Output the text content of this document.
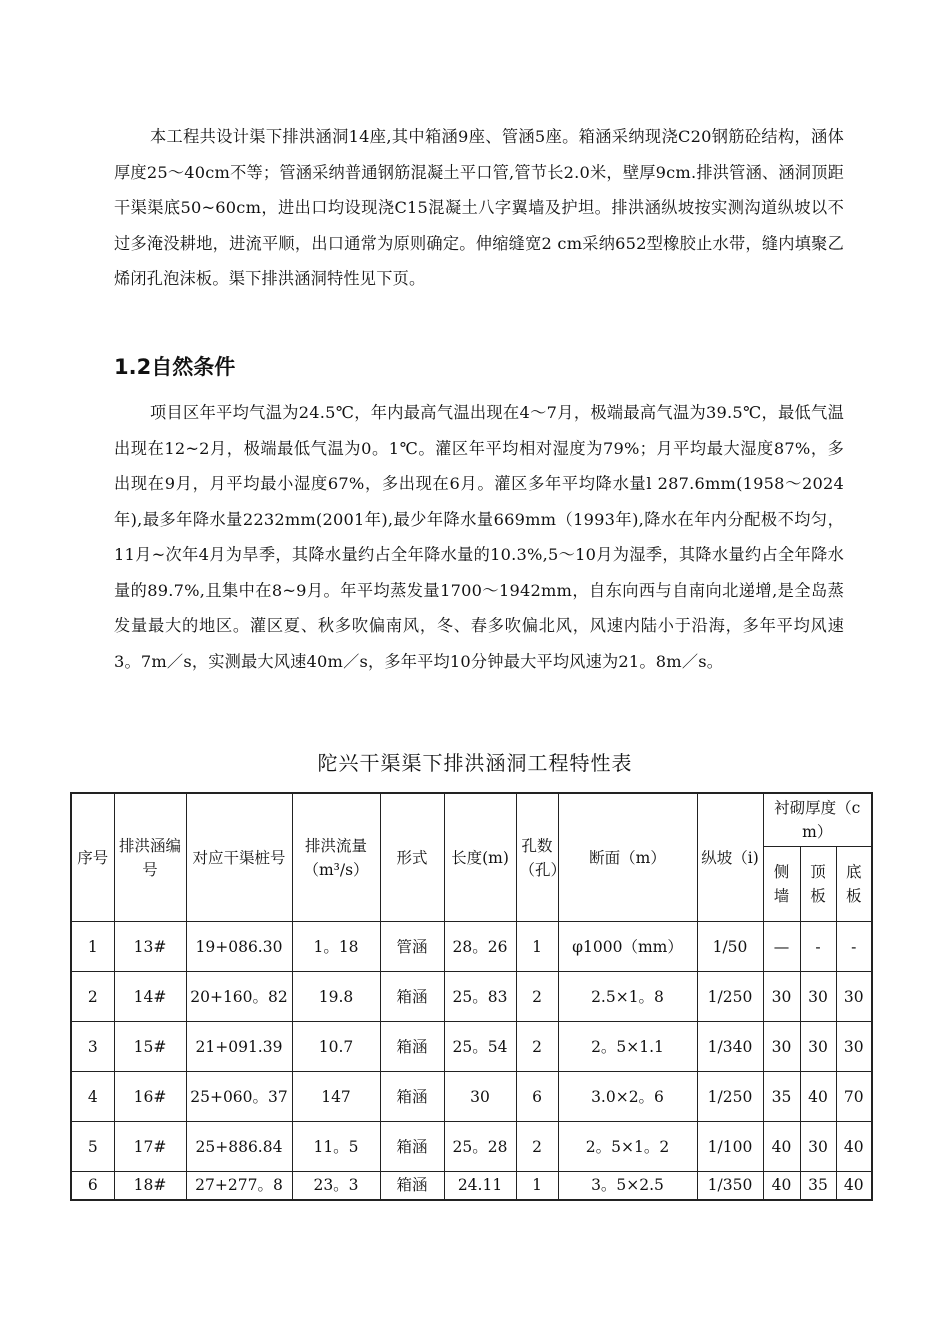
本工程共设计渠下排洪涵洞14座,其中箱涵9座、管涵5座。箱涵采纳现浇C20钢筋砼结构，涵体厚度25～40cm不等；管涵采纳普通钢筋混凝土平口管,管节长2.0米，壁厚9cm.排洪管涵、涵洞顶距干渠渠底50~60cm，进出口均设现浇C15混凝土八字翼墙及护坦。排洪涵纵坡按实测沟道纵坡以不过多淹没耕地，进流平顺，出口通常为原则确定。伸缩缝宽2 cm采纳652型橡胶止水带，缝内填聚乙烯闭孔泡沫板。渠下排洪涵洞特性见下页。

1.2自然条件

项目区年平均气温为24.5℃，年内最高气温出现在4～7月，极端最高气温为39.5℃，最低气温出现在12~2月，极端最低气温为0。1℃。灌区年平均相对湿度为79%；月平均最大湿度87%，多出现在9月，月平均最小湿度67%，多出现在6月。灌区多年平均降水量l 287.6mm(1958～2024年),最多年降水量2232mm(2001年),最少年降水量669mm（1993年),降水在年内分配极不均匀，11月~次年4月为旱季，其降水量约占全年降水量的10.3%,5～10月为湿季，其降水量约占全年降水量的89.7%,且集中在8~9月。年平均蒸发量1700～1942mm，自东向西与自南向北递增,是全岛蒸发量最大的地区。灌区夏、秋多吹偏南风，冬、春多吹偏北风，风速内陆小于沿海，多年平均风速3。7m／s，实测最大风速40m／s，多年平均10分钟最大平均风速为21。8m／s。

陀兴干渠渠下排洪涵洞工程特性表
序号	排洪涵编号	对应干渠桩号	排洪流量（m³/s）	形式	长度(m)	孔数（孔）	断面（m）	纵坡（i)	衬砌厚度（cm）		
									侧墙	顶板	底板
1	13#	19+086.30	1。18	管涵	28。26	1	φ1000（mm）	1/50	—	-	-
2	14#	20+160。82	19.8	箱涵	25。83	2	2.5×1。8	1/250	30	30	30
3	15#	21+091.39	10.7	箱涵	25。54	2	2。5×1.1	1/340	30	30	30
4	16#	25+060。37	147	箱涵	30	6	3.0×2。6	1/250	35	40	70
5	17#	25+886.84	11。5	箱涵	25。28	2	2。5×1。2	1/100	40	30	40
6	18#	27+277。8	23。3	箱涵	24.11	1	3。5×2.5	1/350	40	35	40
